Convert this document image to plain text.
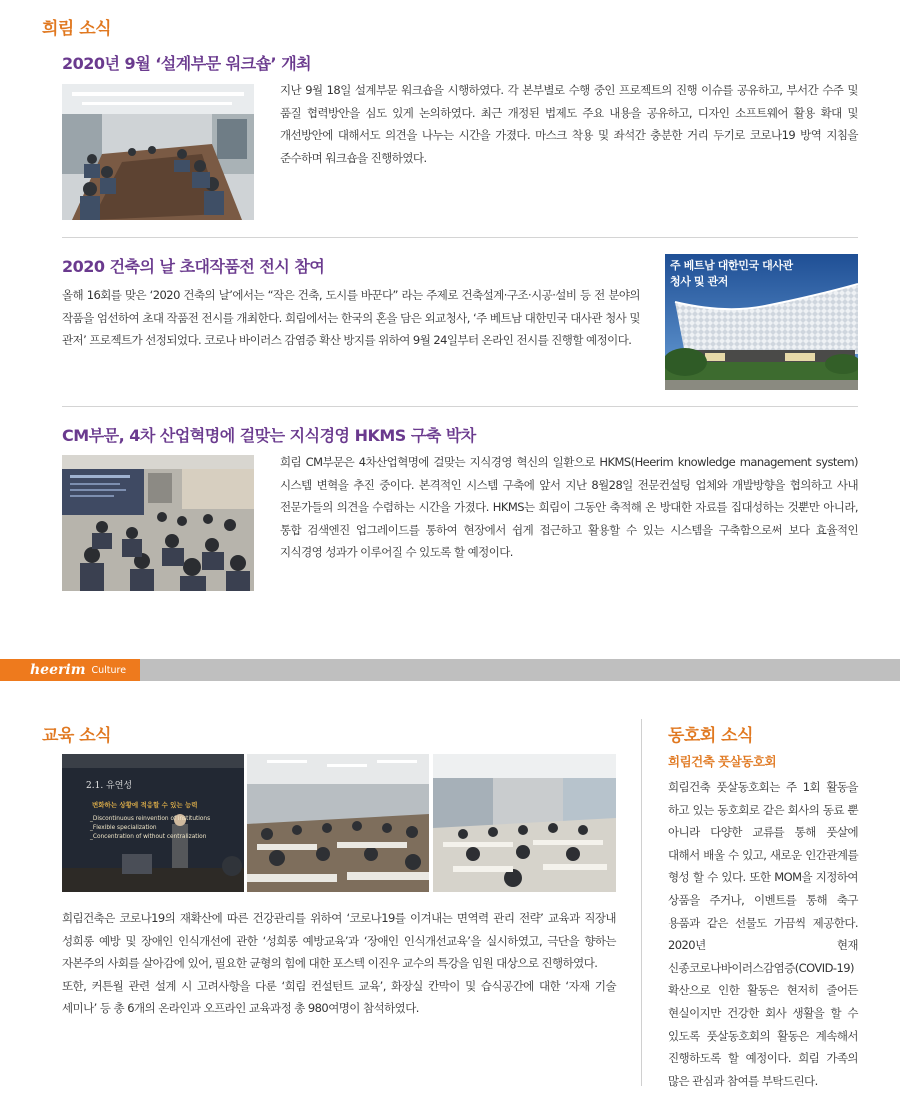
희림 소식
2020년 9월 ‘설계부문 워크숍’ 개최
지난 9월 18일 설계부문 워크숍을 시행하였다. 각 본부별로 수행 중인 프로젝트의 진행 이슈를 공유하고, 부서간 수주 및 품질 협력방안을 심도 있게 논의하였다. 최근 개정된 법제도 주요 내용을 공유하고, 디자인 소프트웨어 활용 확대 및 개선방안에 대해서도 의견을 나누는 시간을 가졌다. 마스크 착용 및 좌석간 충분한 거리 두기로 코로나19 방역 지침을 준수하며 워크숍을 진행하였다.
2020 건축의 날 초대작품전 전시 참여
올해 16회를 맞은 ‘2020 건축의 날’에서는 “작은 건축, 도시를 바꾼다” 라는 주제로 건축설계·구조·시공·설비 등 전 분야의 작품을 엄선하여 초대 작품전 전시를 개최한다. 희림에서는 한국의 혼을 담은 외교청사, ‘주 베트남 대한민국 대사관 청사 및 관저’ 프로젝트가 선정되었다. 코로나 바이러스 감염증 확산 방지를 위하여 9월 24일부터 온라인 전시를 진행할 예정이다.
주 베트남 대한민국 대사관
청사 및 관저
CM부문, 4차 산업혁명에 걸맞는 지식경영 HKMS 구축 박차
희림 CM부문은 4차산업혁명에 걸맞는 지식경영 혁신의 일환으로 HKMS(Heerim knowledge management system) 시스템 변혁을 추진 중이다. 본격적인 시스템 구축에 앞서 지난 8월28일 전문컨설팅 업체와 개발방향을 협의하고 사내 전문가들의 의견을 수렴하는 시간을 가졌다. HKMS는 희림이 그동안 축적해 온 방대한 자료를 집대성하는 것뿐만 아니라, 통합 검색엔진 업그레이드를 통하여 현장에서 쉽게 접근하고 활용할 수 있는 시스템을 구축함으로써 보다 효율적인 지식경영 성과가 이루어질 수 있도록 할 예정이다.
heerim Culture
교육 소식
2.1. 유연성
변화하는 상황에 적응할 수 있는 능력
_Discontinuous reinvention of institutions
_Flexible specialization
_Concentration of without centralization
희림건축은 코로나19의 재확산에 따른 건강관리를 위하여 ‘코로나19를 이겨내는 면역력 관리 전략’ 교육과 직장내 성희롱 예방 및 장애인 인식개선에 관한 ‘성희롱 예방교육’과 ‘장애인 인식개선교육’을 실시하였고, 극단을 향하는 자본주의 사회를 살아감에 있어, 필요한 균형의 힘에 대한 포스텍 이진우 교수의 특강을 임원 대상으로 진행하였다.
또한, 커튼월 관련 설계 시 고려사항을 다룬 ‘희림 컨설턴트 교육’, 화장실 칸막이 및 습식공간에 대한 ‘자재 기술 세미나’ 등 총 6개의 온라인과 오프라인 교육과정 총 980여명이 참석하였다.
동호회 소식
희림건축 풋살동호회
희림건축 풋살동호회는 주 1회 활동을 하고 있는 동호회로 같은 회사의 동료 뿐 아니라 다양한 교류를 통해 풋살에 대해서 배울 수 있고, 새로운 인간관계를 형성 할 수 있다. 또한 MOM을 지정하여 상품을 주거나, 이벤트를 통해 축구 용품과 같은 선물도 가끔씩 제공한다. 2020년 현재 신종코로나바이러스감염증(COVID-19) 확산으로 인한 활동은 현저히 줄어든 현실이지만 건강한 회사 생활을 할 수 있도록 풋살동호회의 활동은 계속해서 진행하도록 할 예정이다. 희림 가족의 많은 관심과 참여를 부탁드린다.
